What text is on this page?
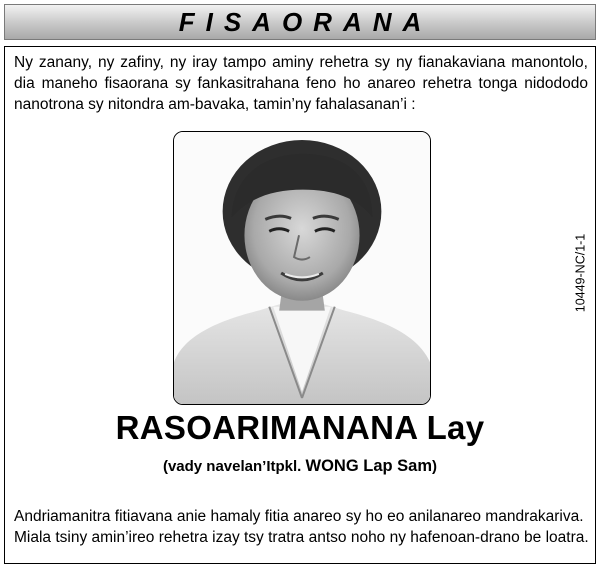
FISAORANA

Ny zanany, ny zafiny, ny iray tampo aminy rehetra sy ny fianakaviana manontolo, dia maneho fisaorana sy fankasitrahana feno ho anareo rehetra tonga nidododo nanotrona sy nitondra am-bavaka, tamin’ny fahalasanan’i :

10449-NC/1-1
RASOARIMANANA Lay
(vady navelan’Itpkl. WONG Lap Sam)
Andriamanitra fitiavana anie hamaly fitia anareo sy ho eo anilanareo mandrakariva.
Miala tsiny amin’ireo rehetra izay tsy tratra antso noho ny hafenoan-drano be loatra.
